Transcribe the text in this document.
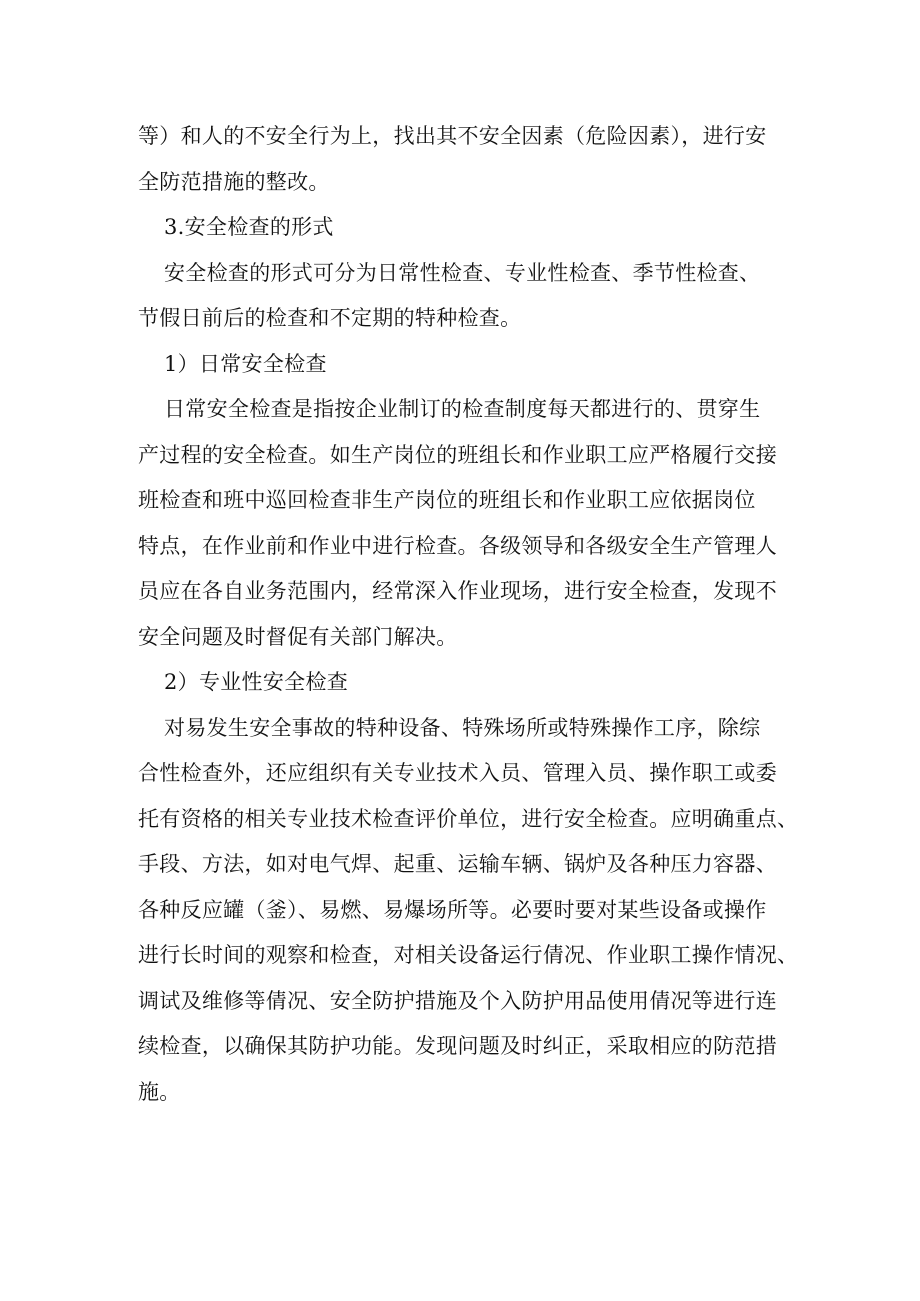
等）和人的不安全行为上，找出其不安全因素（危险因素），进行安
全防范措施的整改。
3.安全检查的形式
安全检查的形式可分为日常性检查、专业性检查、季节性检查、
节假日前后的检查和不定期的特种检查。
1）日常安全检查
日常安全检查是指按企业制订的检查制度每天都进行的、贯穿生
产过程的安全检查。如生产岗位的班组长和作业职工应严格履行交接
班检查和班中巡回检查非生产岗位的班组长和作业职工应依据岗位
特点，在作业前和作业中进行检查。各级领导和各级安全生产管理人
员应在各自业务范围内，经常深入作业现场，进行安全检查，发现不
安全问题及时督促有关部门解决。
2）专业性安全检查
对易发生安全事故的特种设备、特殊场所或特殊操作工序，除综
合性检查外，还应组织有关专业技术入员、管理入员、操作职工或委
托有资格的相关专业技术检查评价单位，进行安全检查。应明确重点、
手段、方法，如对电气焊、起重、运输车辆、锅炉及各种压力容器、
各种反应罐（釜）、易燃、易爆场所等。必要时要对某些设备或操作
进行长时间的观察和检查，对相关设备运行倩况、作业职工操作情况、
调试及维修等倩况、安全防护措施及个入防护用品使用倩况等进行连
续检查，以确保其防护功能。发现问题及时纠正，采取相应的防范措
施。
